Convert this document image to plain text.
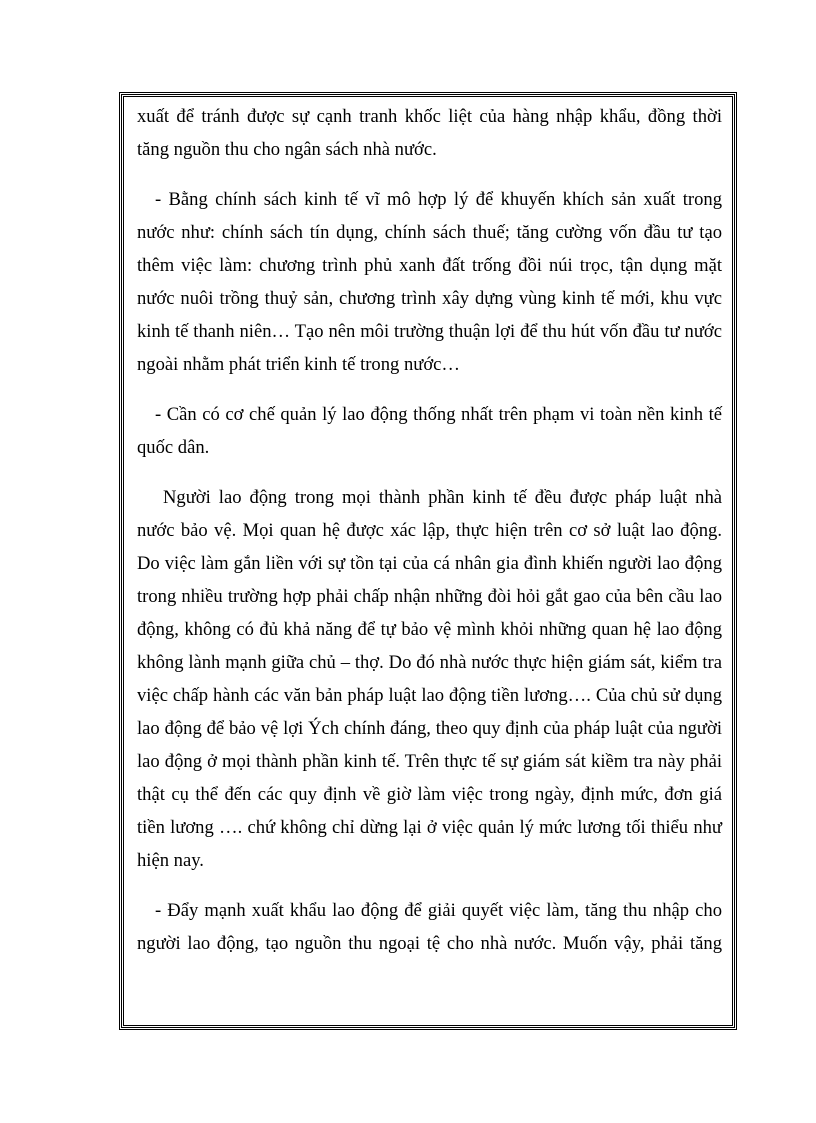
xuất để tránh được sự cạnh tranh khốc liệt của hàng nhập khẩu, đồng thời
tăng nguồn thu cho ngân sách nhà nước.
- Bằng chính sách kinh tế vĩ mô hợp lý để khuyến khích sản xuất trong
nước như: chính sách tín dụng, chính sách thuế; tăng cường vốn đầu tư tạo
thêm việc làm: chương trình phủ xanh đất trống đồi núi trọc, tận dụng mặt
nước nuôi trồng thuỷ sản, chương trình xây dựng vùng kinh tế mới, khu vực
kinh tế thanh niên… Tạo nên môi trường thuận lợi để thu hút vốn đầu tư nước
ngoài nhằm phát triển kinh tế trong nước…
- Cần có cơ chế quản lý lao động thống nhất trên phạm vi toàn nền kinh tế
quốc dân.
Người lao động trong mọi thành phần kinh tế đều được pháp luật nhà
nước bảo vệ. Mọi quan hệ được xác lập, thực hiện trên cơ sở luật lao động.
Do việc làm gắn liền với sự tồn tại của cá nhân gia đình khiến người lao động
trong nhiều trường hợp phải chấp nhận những đòi hỏi gắt gao của bên cầu lao
động, không có đủ khả năng để tự bảo vệ mình khỏi những quan hệ lao động
không lành mạnh giữa chủ – thợ. Do đó nhà nước thực hiện giám sát, kiểm tra
việc chấp hành các văn bản pháp luật lao động tiền lương…. Của chủ sử dụng
lao động để bảo vệ lợi Ých chính đáng, theo quy định của pháp luật của người
lao động ở mọi thành phần kinh tế. Trên thực tế sự giám sát kiềm tra này phải
thật cụ thể đến các quy định về giờ làm việc trong ngày, định mức, đơn giá
tiền lương …. chứ không chỉ dừng lại ở việc quản lý mức lương tối thiểu như
hiện nay.
- Đẩy mạnh xuất khẩu lao động để giải quyết việc làm, tăng thu nhập cho
người lao động, tạo nguồn thu ngoại tệ cho nhà nước. Muốn vậy, phải tăng
